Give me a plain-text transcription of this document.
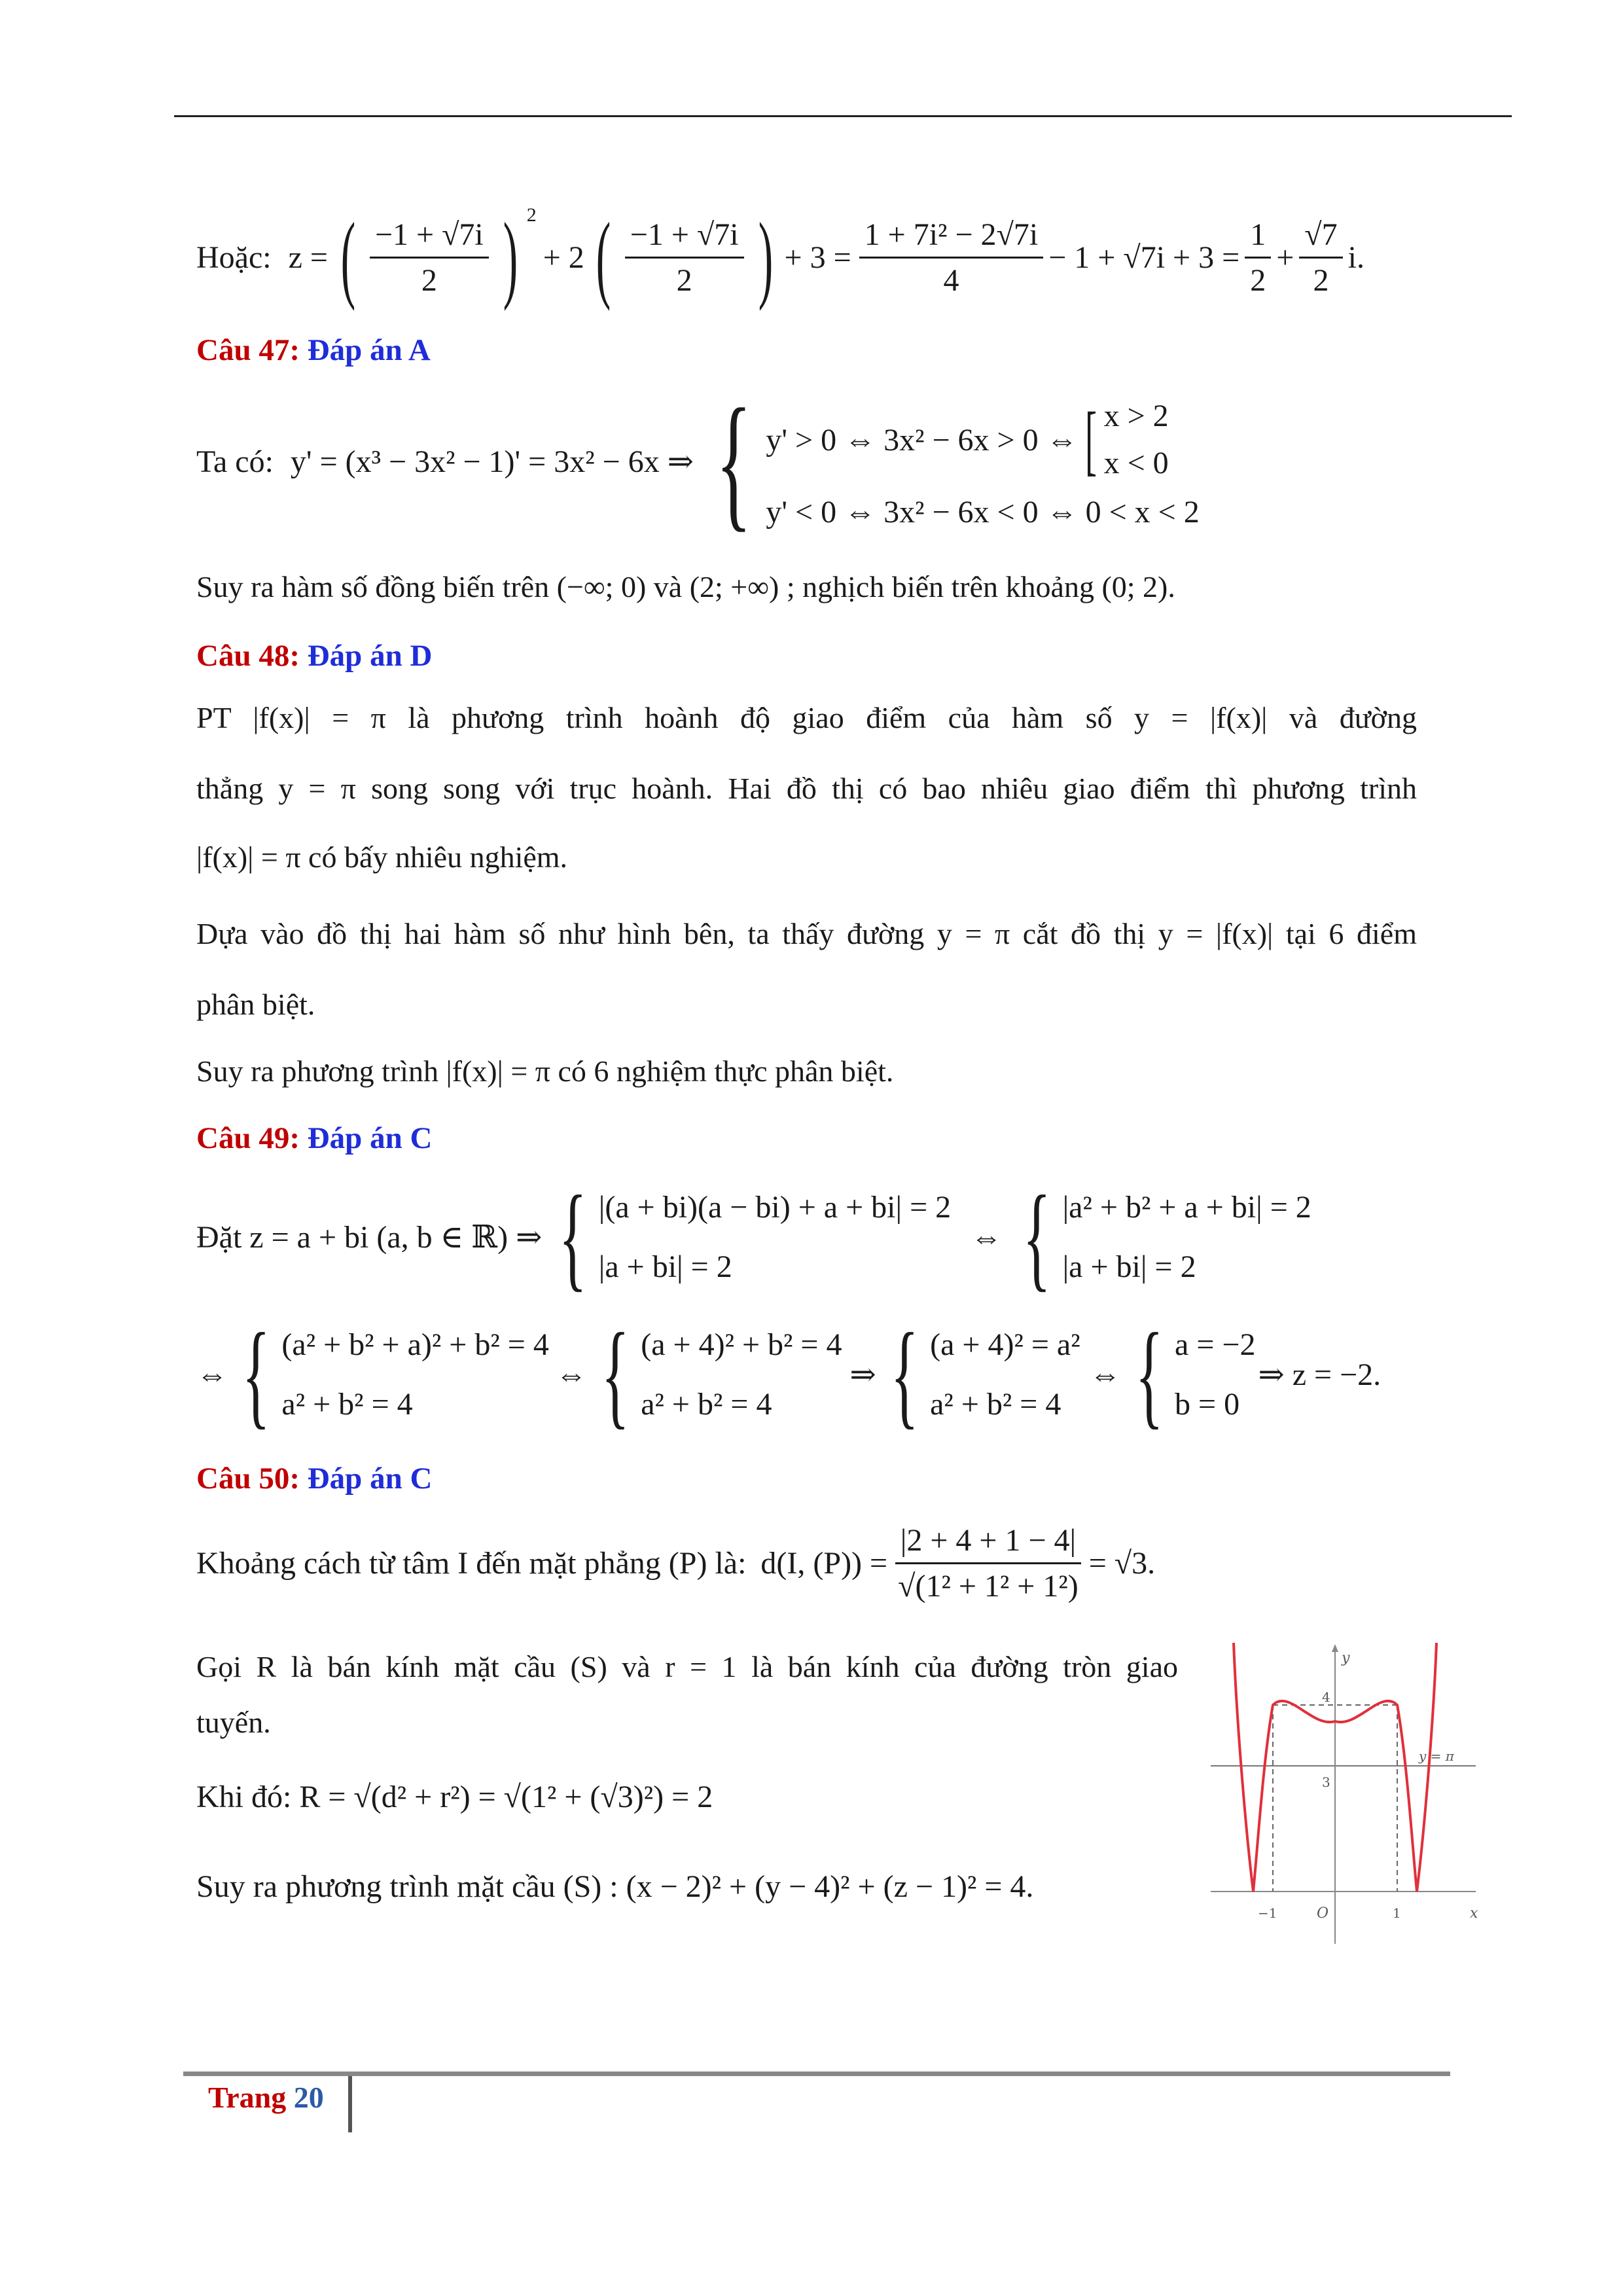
Hoặc: z = ( $\frac{-1 + √7i}{2}$ ) 2
+ 2 ( $\frac{-1 + √7i}{2}$ ) + $3 = \frac{\text{1 + 7i² − 2√7i}}{4} - 1 + √7i + 3 = \frac{1}{2} + \frac{√7}{2} i$.
Câu 47: Đáp án A
Ta có: y' = (x³ − 3x² − 1)' = 3x² − 6x ⇒ { y' > 0 ⇔ 3x² − 6x > 0 ⇔ [ x > 2
x < 0
y' < 0 ⇔ 3x² − 6x < 0 ⇔ 0 < x < 2
Suy ra hàm số đồng biến trên (−∞; 0) và (2; +∞) ; nghịch biến trên khoảng (0; 2).
Câu 48: Đáp án D
PT |f(x)| = π là phương trình hoành độ giao điểm của hàm số y = |f(x)| và đường
thẳng y = π song song với trục hoành. Hai đồ thị có bao nhiêu giao điểm thì phương trình
|f(x)| = π có bấy nhiêu nghiệm.
Dựa vào đồ thị hai hàm số như hình bên, ta thấy đường y = π cắt đồ thị y = |f(x)| tại 6 điểm
phân biệt.
Suy ra phương trình |f(x)| = π có 6 nghiệm thực phân biệt.
Câu 49: Đáp án C
Đặt z = a + bi (a, b ∈ ℝ) ⇒ { |(a + bi)(a − bi) + a + bi| = 2
|a + bi| = 2
⇔ { |a² + b² + a + bi| = 2
|a + bi| = 2
⇔ { (a² + b² + a)² + b² = 4
a² + b² = 4
⇔ { (a + 4)² + b² = 4
a² + b² = 4
⇒ { (a + 4)² = a²
a² + b² = 4
⇔ { a = −2
b = 0
⇒ z = −2.
Câu 50: Đáp án C
Khoảng cách từ tâm I đến mặt phẳng (P) là: d(I, $(P)) = \frac{|2 + 4 + 1 - 4|}{\text{√(1² + 1² + 1²)}} = √3$.
Gọi R là bán kính mặt cầu (S) và r = 1 là bán kính của đường tròn giao
tuyến.
Khi đó: R = √(d² + r²) = √(1² + (√3)²) = 2
Suy ra phương trình mặt cầu (S) : (x − 2)² + (y − 4)² + (z − 1)² = 4.
y
x
O
4
3
−1	1
y = π
Trang 20
